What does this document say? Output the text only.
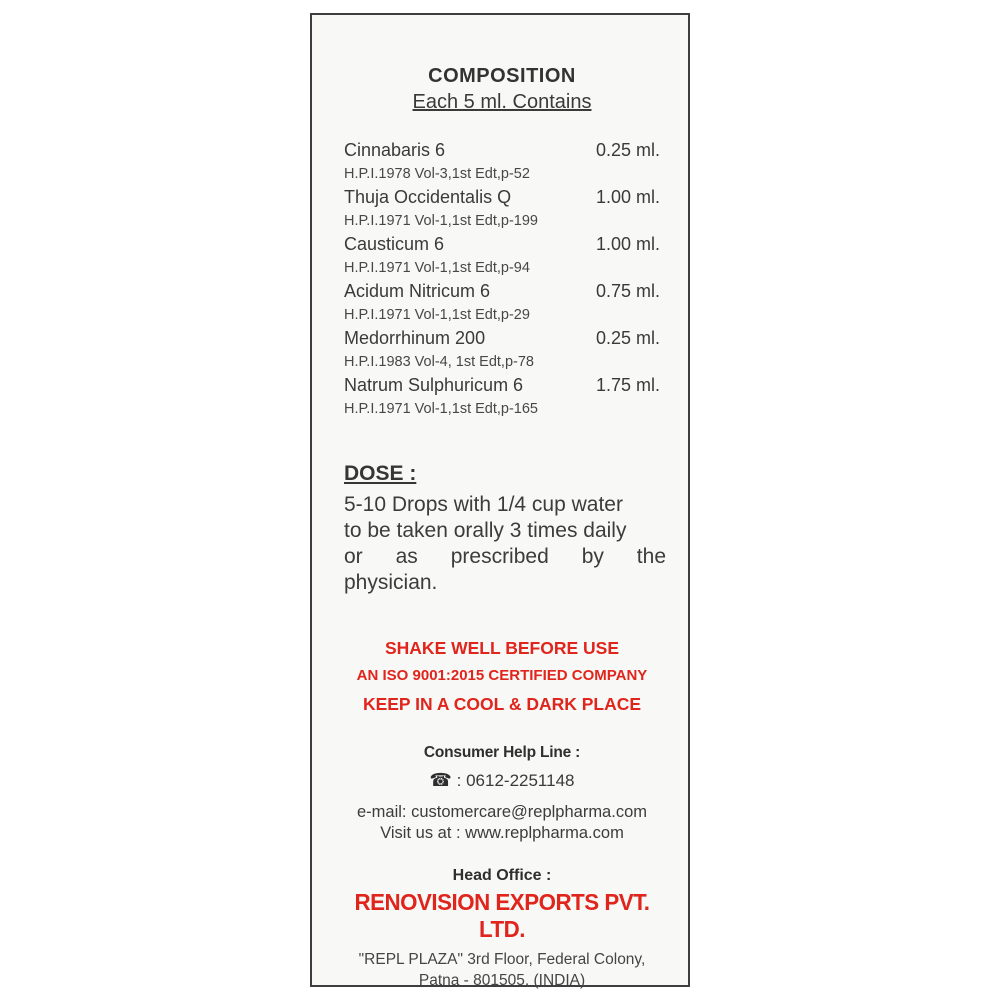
COMPOSITION
Each 5 ml. Contains
Cinnabaris 6	0.25 ml.
H.P.I.1978 Vol-3,1st Edt,p-52
Thuja Occidentalis Q	1.00 ml.
H.P.I.1971 Vol-1,1st Edt,p-199
Causticum 6	1.00 ml.
H.P.I.1971 Vol-1,1st Edt,p-94
Acidum Nitricum 6	0.75 ml.
H.P.I.1971 Vol-1,1st Edt,p-29
Medorrhinum 200	0.25 ml.
H.P.I.1983 Vol-4, 1st Edt,p-78
Natrum Sulphuricum 6	1.75 ml.
H.P.I.1971 Vol-1,1st Edt,p-165
DOSE :
5-10 Drops with 1/4 cup water
to be taken orally 3 times daily
or as prescribed by the
physician.
SHAKE WELL BEFORE USE
AN ISO 9001:2015 CERTIFIED COMPANY
KEEP IN A COOL & DARK PLACE
Consumer Help Line :
☎ : 0612-2251148
e-mail: customercare@replpharma.com
Visit us at : www.replpharma.com
Head Office :
RENOVISION EXPORTS PVT. LTD.
"REPL PLAZA" 3rd Floor, Federal Colony,
Patna - 801505, (INDIA)
